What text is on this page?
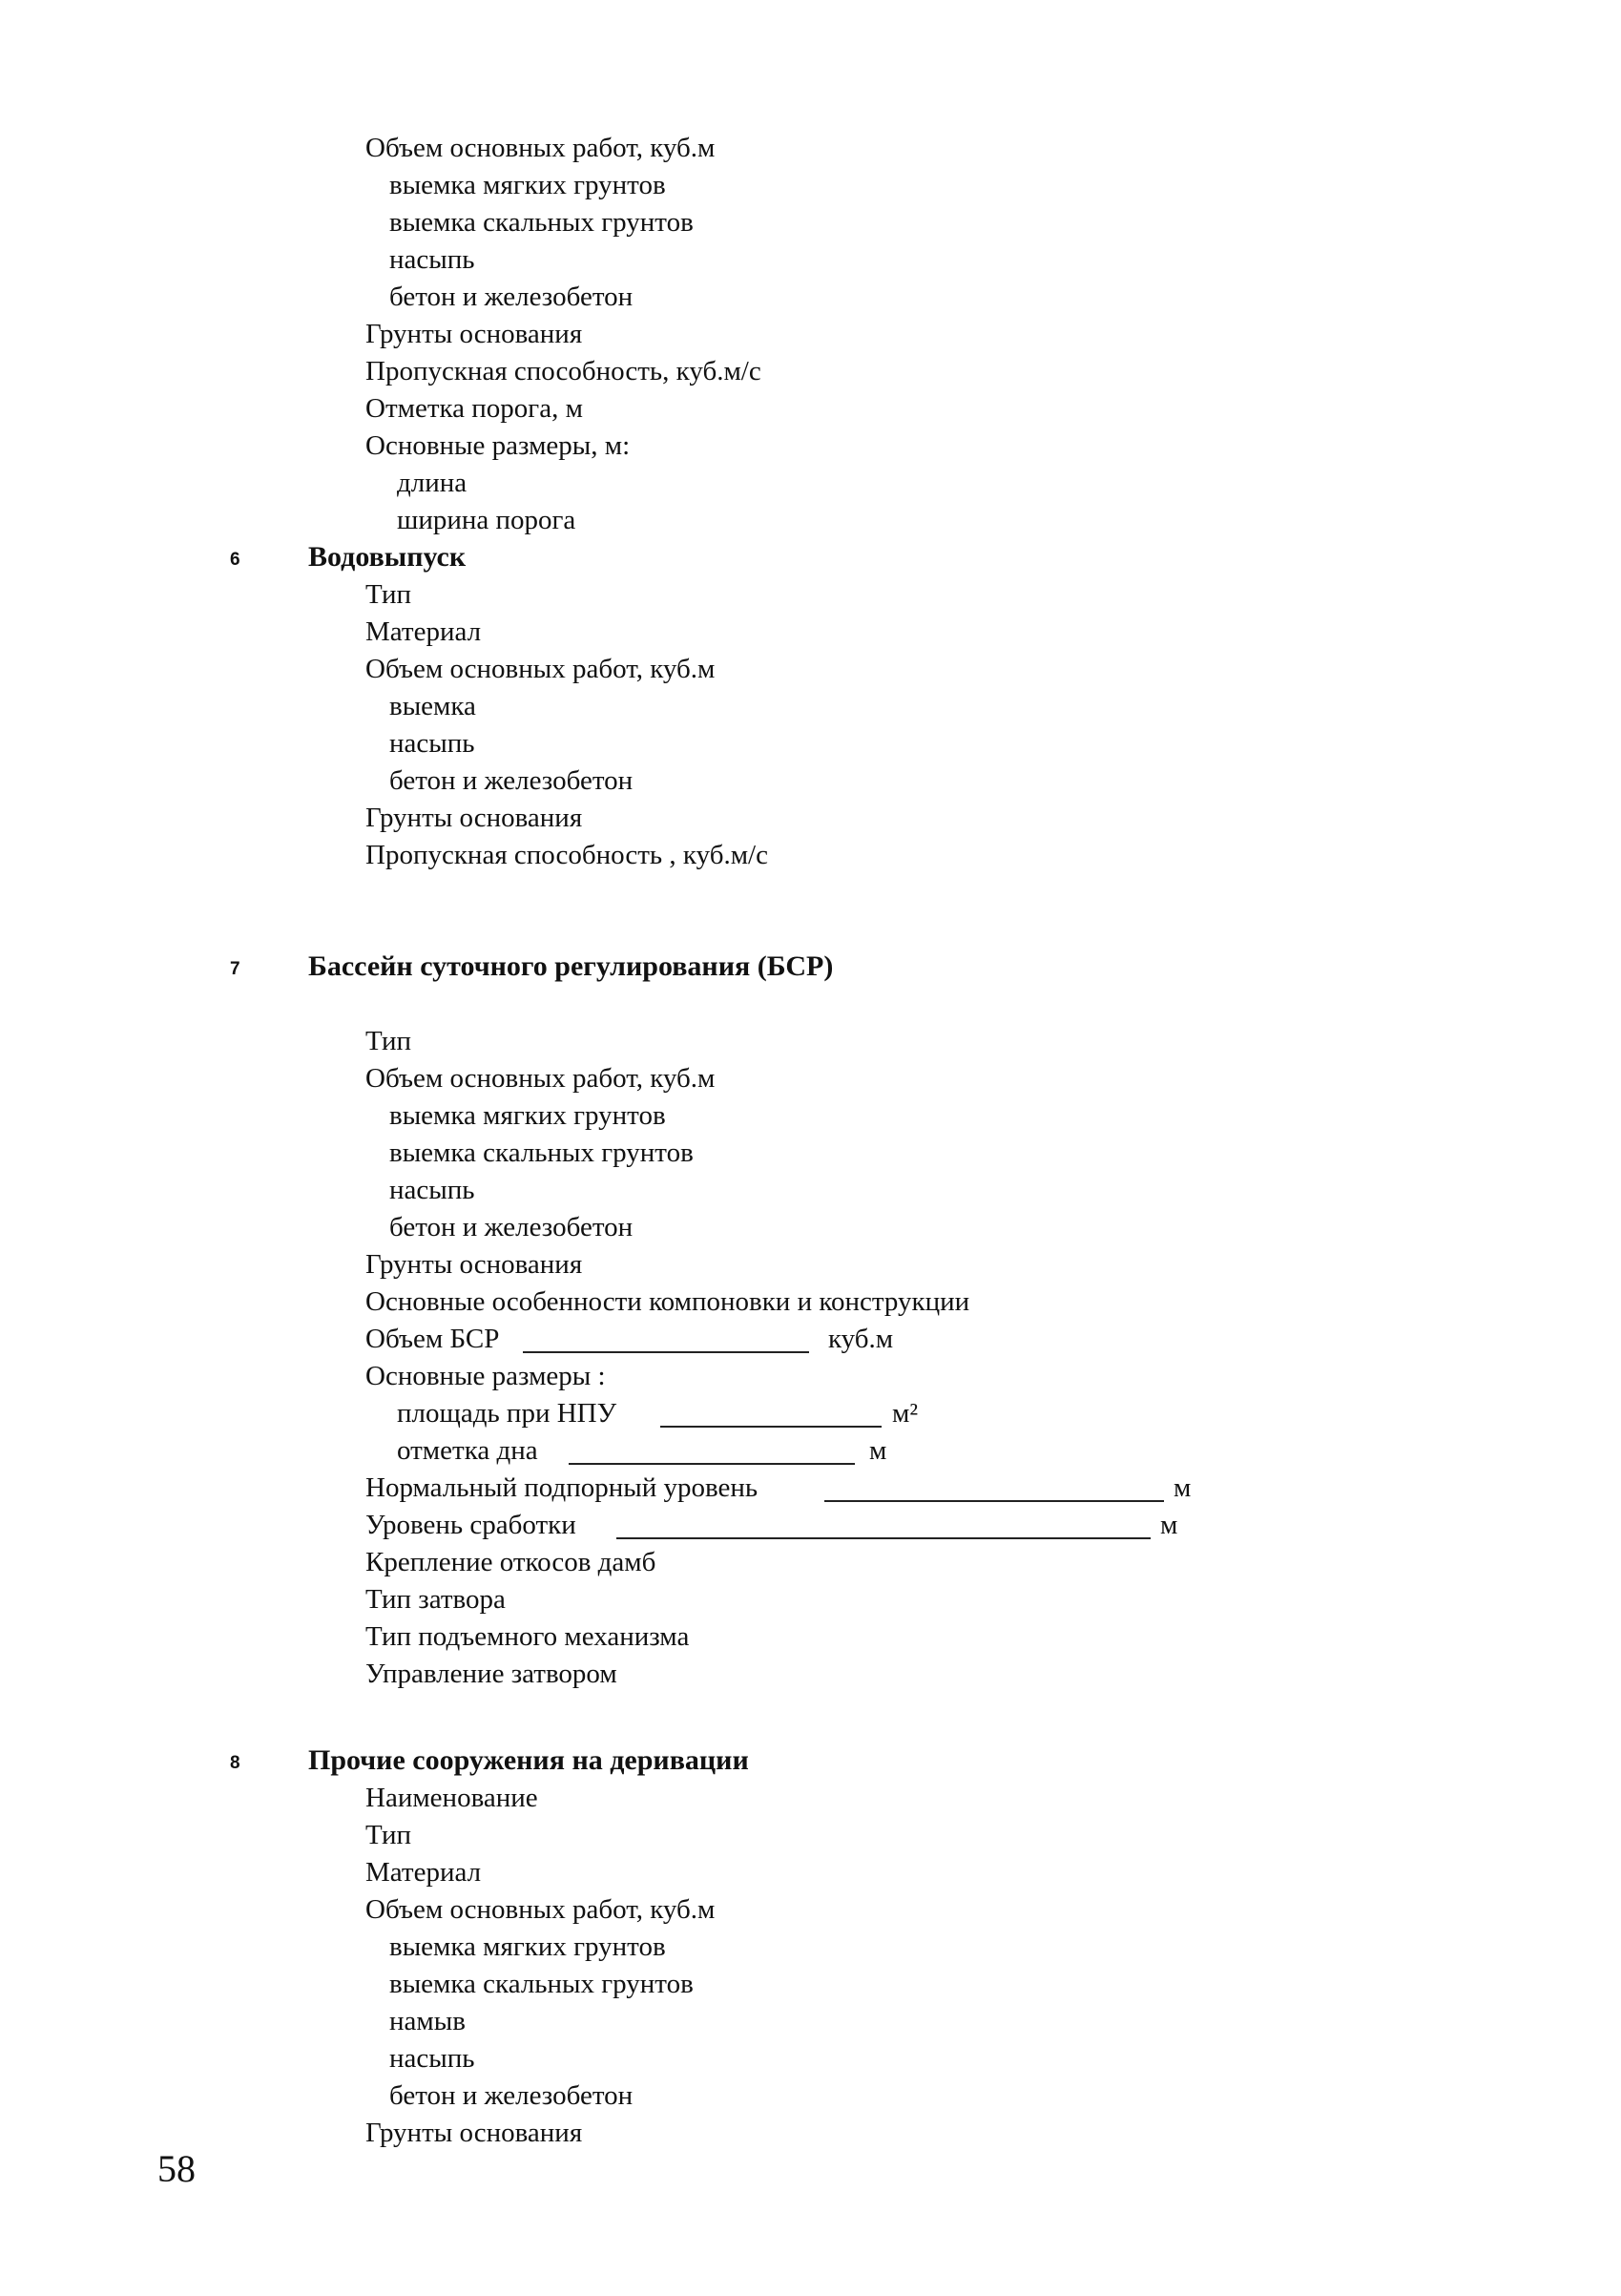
Объем основных работ, куб.м
выемка мягких грунтов
выемка скальных грунтов
насыпь
бетон и железобетон
Грунты основания
Пропускная способность, куб.м/с
Отметка порога, м
Основные размеры, м:
длина
ширина порога
6 Водовыпуск
Тип
Материал
Объем основных работ, куб.м
выемка
насыпь
бетон и железобетон
Грунты основания
Пропускная способность , куб.м/с
7 Бассейн суточного регулирования (БСР)
Тип
Объем основных работ, куб.м
выемка мягких грунтов
выемка скальных грунтов
насыпь
бетон и железобетон
Грунты основания
Основные особенности компоновки и конструкции
Объем БСР	куб.м
Основные размеры :
площадь при НПУ	м²
отметка дна	м
Нормальный подпорный уровень	м
Уровень сработки	м
Крепление откосов дамб
Тип затвора
Тип подъемного механизма
Управление затвором
8 Прочие сооружения на деривации
Наименование
Тип
Материал
Объем основных работ, куб.м
выемка мягких грунтов
выемка скальных грунтов
намыв
насыпь
бетон и железобетон
Грунты основания
58
